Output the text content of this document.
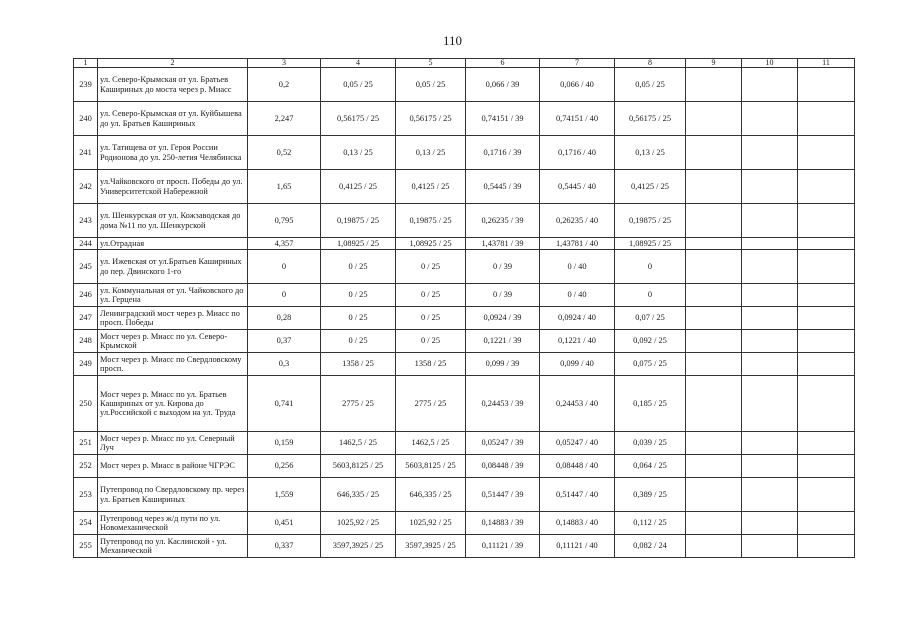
110
1	2	3	4	5	6	7	8	9	10	11
239	ул. Северо-Крымская от ул. Братьев Кашириных до моста через р. Миасс	0,2	0,05 / 25	0,05 / 25	0,066 / 39	0,066 / 40	0,05 / 25			
240	ул. Северо-Крымская от ул. Куйбышева до ул. Братьев Кашириных	2,247	0,56175 / 25	0,56175 / 25	0,74151 / 39	0,74151 / 40	0,56175 / 25			
241	ул. Татищева от ул. Героя России Родионова до ул. 250-летия Челябинска	0,52	0,13 / 25	0,13 / 25	0,1716 / 39	0,1716 / 40	0,13 / 25			
242	ул.Чайковского от просп. Победы до ул. Университетской Набережной	1,65	0,4125 / 25	0,4125 / 25	0,5445 / 39	0,5445 / 40	0,4125 / 25			
243	ул. Шенкурская от ул. Кожзаводская до дома №11 по ул. Шенкурской	0,795	0,19875 / 25	0,19875 / 25	0,26235 / 39	0,26235 / 40	0,19875 / 25			
244	ул.Отрадная	4,357	1,08925 / 25	1,08925 / 25	1,43781 / 39	1,43781 / 40	1,08925 / 25			
245	ул. Ижевская от ул.Братьев Кашириных до пер. Двинского 1-го	0	0 / 25	0 / 25	0 / 39	0 / 40	0			
246	ул. Коммунальная от ул. Чайковского до ул. Герцена	0	0 / 25	0 / 25	0 / 39	0 / 40	0			
247	Ленинградский мост через р. Миасс по просп. Победы	0,28	0 / 25	0 / 25	0,0924 / 39	0,0924 / 40	0,07 / 25			
248	Мост через р. Миасс по ул. Северо-Крымской	0,37	0 / 25	0 / 25	0,1221 / 39	0,1221 / 40	0,092 / 25			
249	Мост через р. Миасс по Свердловскому просп.	0,3	1358 / 25	1358 / 25	0,099 / 39	0,099 / 40	0,075 / 25			
250	Мост через р. Миасс по ул. Братьев Кашириных от ул. Кирова до ул.Российской с выходом на ул. Труда	0,741	2775 / 25	2775 / 25	0,24453 / 39	0,24453 / 40	0,185 / 25			
251	Мост через р. Миасс по ул. Северный Луч	0,159	1462,5 / 25	1462,5 / 25	0,05247 / 39	0,05247 / 40	0,039 / 25			
252	Мост через р. Миасс в районе ЧГРЭС	0,256	5603,8125 / 25	5603,8125 / 25	0,08448 / 39	0,08448 / 40	0,064 / 25			
253	Путепровод по Свердловскому пр. через ул. Братьев Кашириных	1,559	646,335 / 25	646,335 / 25	0,51447 / 39	0,51447 / 40	0,389 / 25			
254	Путепровод через ж/д пути по ул. Новомеханической	0,451	1025,92 / 25	1025,92 / 25	0,14883 / 39	0,14883 / 40	0,112 / 25			
255	Путепровод по ул. Каслинской - ул. Механической	0,337	3597,3925 / 25	3597,3925 / 25	0,11121 / 39	0,11121 / 40	0,082 / 24			
